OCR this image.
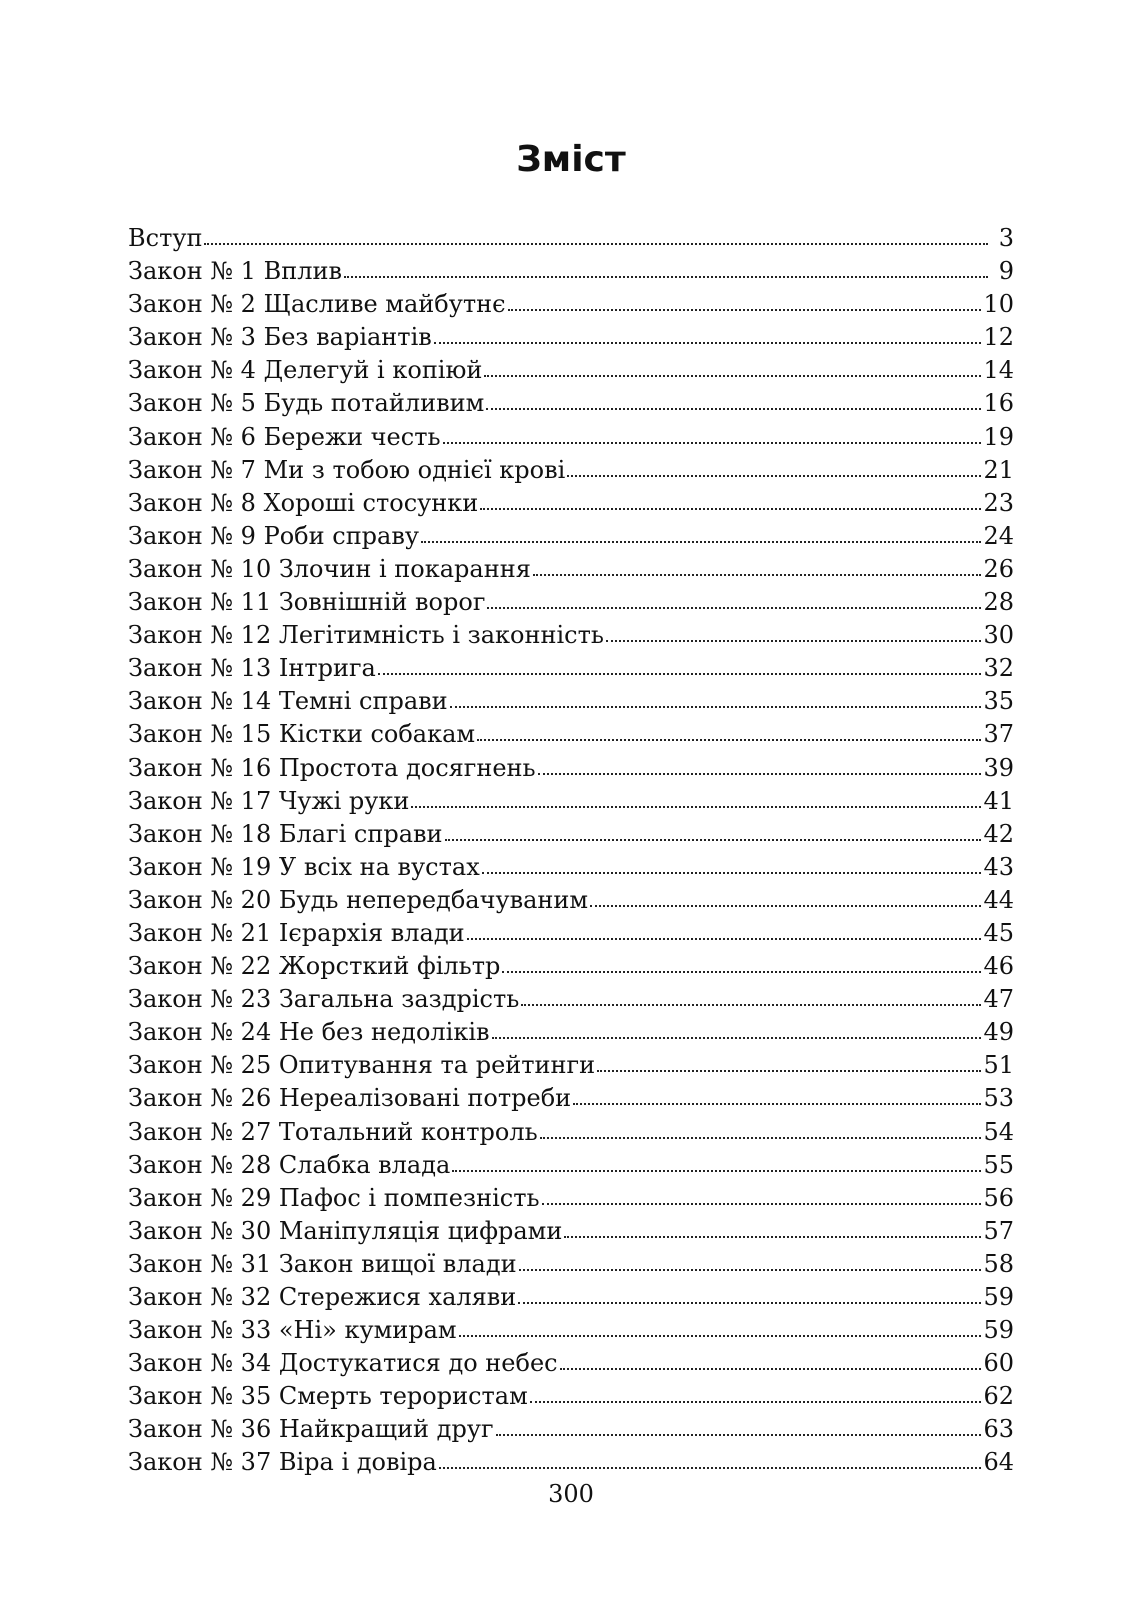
Зміст
Вступ	3
Закон № 1 Вплив	9
Закон № 2 Щасливе майбутнє	10
Закон № 3 Без варіантів	12
Закон № 4 Делегуй і копіюй	14
Закон № 5 Будь потайливим	16
Закон № 6 Бережи честь	19
Закон № 7 Ми з тобою однієї крові	21
Закон № 8 Хороші стосунки	23
Закон № 9 Роби справу	24
Закон № 10 Злочин і покарання	26
Закон № 11 Зовнішній ворог	28
Закон № 12 Легітимність і законність	30
Закон № 13 Інтрига	32
Закон № 14 Темні справи	35
Закон № 15 Кістки собакам	37
Закон № 16 Простота досягнень	39
Закон № 17 Чужі руки	41
Закон № 18 Благі справи	42
Закон № 19 У всіх на вустах	43
Закон № 20 Будь непередбачуваним	44
Закон № 21 Ієрархія влади	45
Закон № 22 Жорсткий фільтр	46
Закон № 23 Загальна заздрість	47
Закон № 24 Не без недоліків	49
Закон № 25 Опитування та рейтинги	51
Закон № 26 Нереалізовані потреби	53
Закон № 27 Тотальний контроль	54
Закон № 28 Слабка влада	55
Закон № 29 Пафос і помпезність	56
Закон № 30 Маніпуляція цифрами	57
Закон № 31 Закон вищої влади	58
Закон № 32 Стережися халяви	59
Закон № 33 «Ні» кумирам	59
Закон № 34 Достукатися до небес	60
Закон № 35 Смерть терористам	62
Закон № 36 Найкращий друг	63
Закон № 37 Віра і довіра	64
300
